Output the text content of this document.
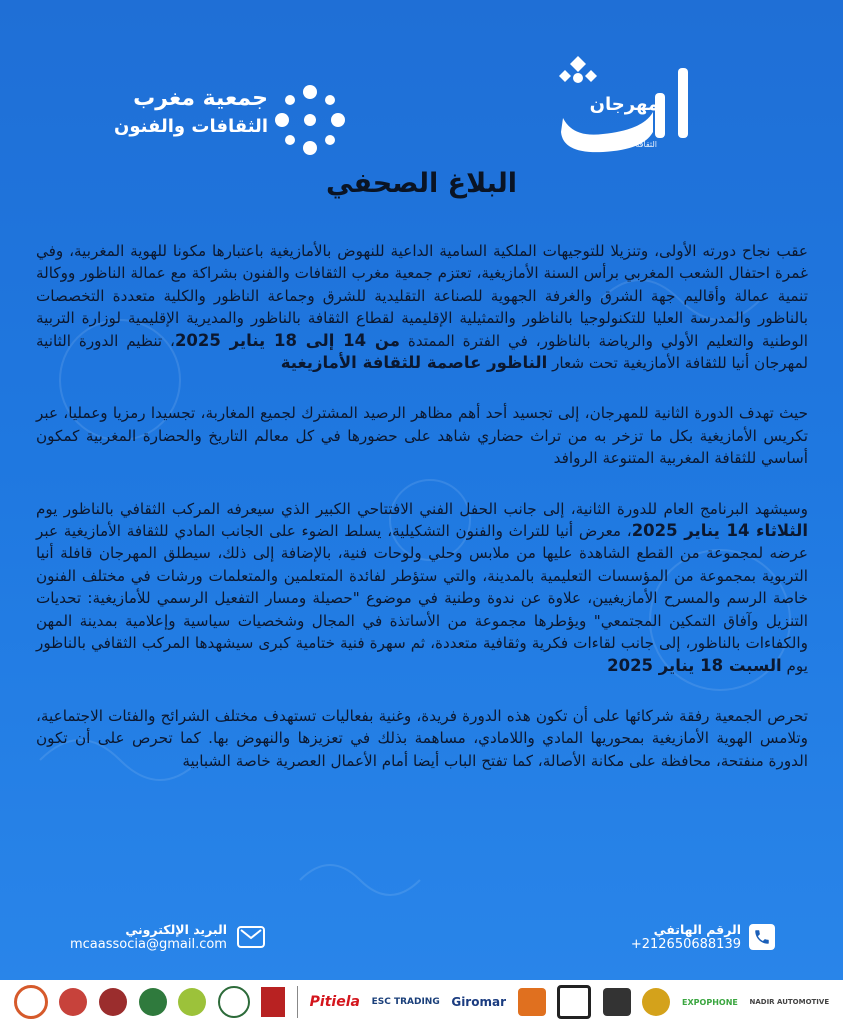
مهرجان
الثقافة الأمازيغية
جمعية مغرب
الثقافات والفنون
البلاغ الصحفي

عقب نجاح دورته الأولى، وتنزيلا للتوجيهات الملكية السامية الداعية للنهوض بالأمازيغية باعتبارها مكونا للهوية المغربية، وفي غمرة احتفال الشعب المغربي برأس السنة الأمازيغية، تعتزم جمعية مغرب الثقافات والفنون بشراكة مع عمالة الناظور ووكالة تنمية عمالة وأقاليم جهة الشرق والغرفة الجهوية للصناعة التقليدية للشرق وجماعة الناظور والكلية متعددة التخصصات بالناظور والمدرسة العليا للتكنولوجيا بالناظور والتمثيلية الإقليمية لقطاع الثقافة بالناظور والمديرية الإقليمية لوزارة التربية الوطنية والتعليم الأولي والرياضة بالناظور، في الفترة الممتدة من 14 إلى 18 يناير 2025، تنظيم الدورة الثانية لمهرجان أنيا للثقافة الأمازيغية تحت شعار الناظور عاصمة للثقافة الأمازيغية

حيث تهدف الدورة الثانية للمهرجان، إلى تجسيد أحد أهم مظاهر الرصيد المشترك لجميع المغاربة، تجسيدا رمزيا وعمليا، عبر تكريس الأمازيغية بكل ما تزخر به من تراث حضاري شاهد على حضورها في كل معالم التاريخ والحضارة المغربية كمكون أساسي للثقافة المغربية المتنوعة الروافد

وسيشهد البرنامج العام للدورة الثانية، إلى جانب الحفل الفني الافتتاحي الكبير الذي سيعرفه المركب الثقافي بالناظور يوم الثلاثاء 14 يناير 2025، معرض أنيا للتراث والفنون التشكيلية، يسلط الضوء على الجانب المادي للثقافة الأمازيغية عبر عرضه لمجموعة من القطع الشاهدة عليها من ملابس وحلي ولوحات فنية، بالإضافة إلى ذلك، سيطلق المهرجان قافلة أنيا التربوية بمجموعة من المؤسسات التعليمية بالمدينة، والتي ستؤطر لفائدة المتعلمين والمتعلمات ورشات في مختلف الفنون خاصة الرسم والمسرح الأمازيغيين، علاوة عن ندوة وطنية في موضوع "حصيلة ومسار التفعيل الرسمي للأمازيغية: تحديات التنزيل وآفاق التمكين المجتمعي" ويؤطرها مجموعة من الأساتذة في المجال وشخصيات سياسية وإعلامية بمدينة المهن والكفاءات بالناظور، إلى جانب لقاءات فكرية وثقافية متعددة، ثم سهرة فنية ختامية كبرى سيشهدها المركب الثقافي بالناظور يوم السبت 18 يناير 2025

تحرص الجمعية رفقة شركائها على أن تكون هذه الدورة فريدة، وغنية بفعاليات تستهدف مختلف الشرائح والفئات الاجتماعية، وتلامس الهوية الأمازيغية بمحوريها المادي واللامادي، مساهمة بذلك في تعزيزها والنهوض بها. كما تحرص على أن تكون الدورة منفتحة، محافظة على مكانة الأصالة، كما تفتح الباب أيضا أمام الأعمال العصرية خاصة الشبابية

الرقم الهاتفي
+212650688139
البريد الإلكتروني
mcaassocia@gmail.com
Pitiela ESC TRADING Giromar	EXPOPHONE NADIR AUTOMOTIVE
